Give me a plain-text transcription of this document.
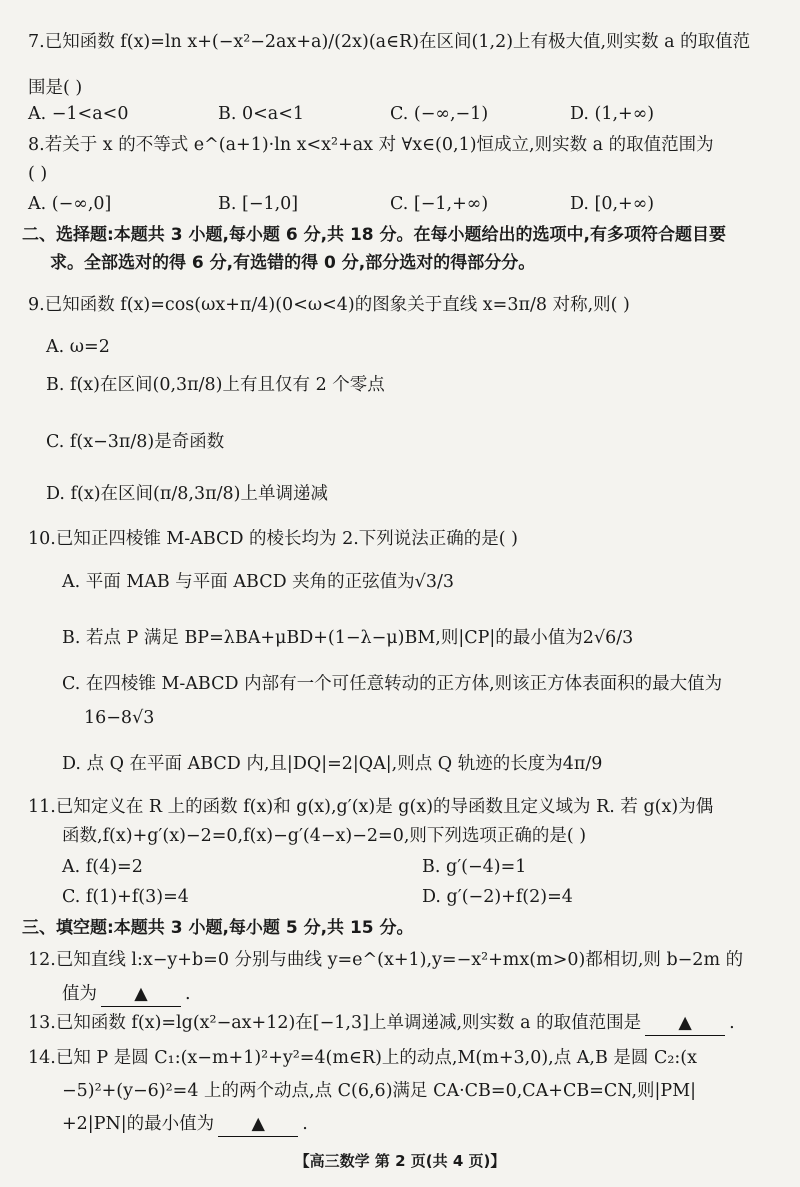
7.已知函数 f(x)=ln x+(−x²−2ax+a)/(2x)(a∈R)在区间(1,2)上有极大值,则实数 a 的取值范
围是( )
A. −1<a<0	B. 0<a<1	C. (−∞,−1)	D. (1,+∞)
8.若关于 x 的不等式 e^(a+1)·ln x<x²+ax 对 ∀x∈(0,1)恒成立,则实数 a 的取值范围为
( )
A. (−∞,0]	B. [−1,0]	C. [−1,+∞)	D. [0,+∞)
二、选择题:本题共 3 小题,每小题 6 分,共 18 分。在每小题给出的选项中,有多项符合题目要
求。全部选对的得 6 分,有选错的得 0 分,部分选对的得部分分。
9.已知函数 f(x)=cos(ωx+π/4)(0<ω<4)的图象关于直线 x=3π/8 对称,则( )
A. ω=2
B. f(x)在区间(0,3π/8)上有且仅有 2 个零点
C. f(x−3π/8)是奇函数
D. f(x)在区间(π/8,3π/8)上单调递减
10.已知正四棱锥 M-ABCD 的棱长均为 2.下列说法正确的是( )
A. 平面 MAB 与平面 ABCD 夹角的正弦值为√3/3
B. 若点 P 满足 BP=λBA+μBD+(1−λ−μ)BM,则|CP|的最小值为2√6/3
C. 在四棱锥 M-ABCD 内部有一个可任意转动的正方体,则该正方体表面积的最大值为
16−8√3
D. 点 Q 在平面 ABCD 内,且|DQ|=2|QA|,则点 Q 轨迹的长度为4π/9
11.已知定义在 R 上的函数 f(x)和 g(x),g′(x)是 g(x)的导函数且定义域为 R. 若 g(x)为偶
函数,f(x)+g′(x)−2=0,f(x)−g′(4−x)−2=0,则下列选项正确的是( )
A. f(4)=2	B. g′(−4)=1
C. f(1)+f(3)=4	D. g′(−2)+f(2)=4
三、填空题:本题共 3 小题,每小题 5 分,共 15 分。
12.已知直线 l:x−y+b=0 分别与曲线 y=e^(x+1),y=−x²+mx(m>0)都相切,则 b−2m 的
值为 ▲ .
13.已知函数 f(x)=lg(x²−ax+12)在[−1,3]上单调递减,则实数 a 的取值范围是 ▲ .
14.已知 P 是圆 C₁:(x−m+1)²+y²=4(m∈R)上的动点,M(m+3,0),点 A,B 是圆 C₂:(x
−5)²+(y−6)²=4 上的两个动点,点 C(6,6)满足 CA·CB=0,CA+CB=CN,则|PM|
+2|PN|的最小值为 ▲ .
【高三数学 第 2 页(共 4 页)】
